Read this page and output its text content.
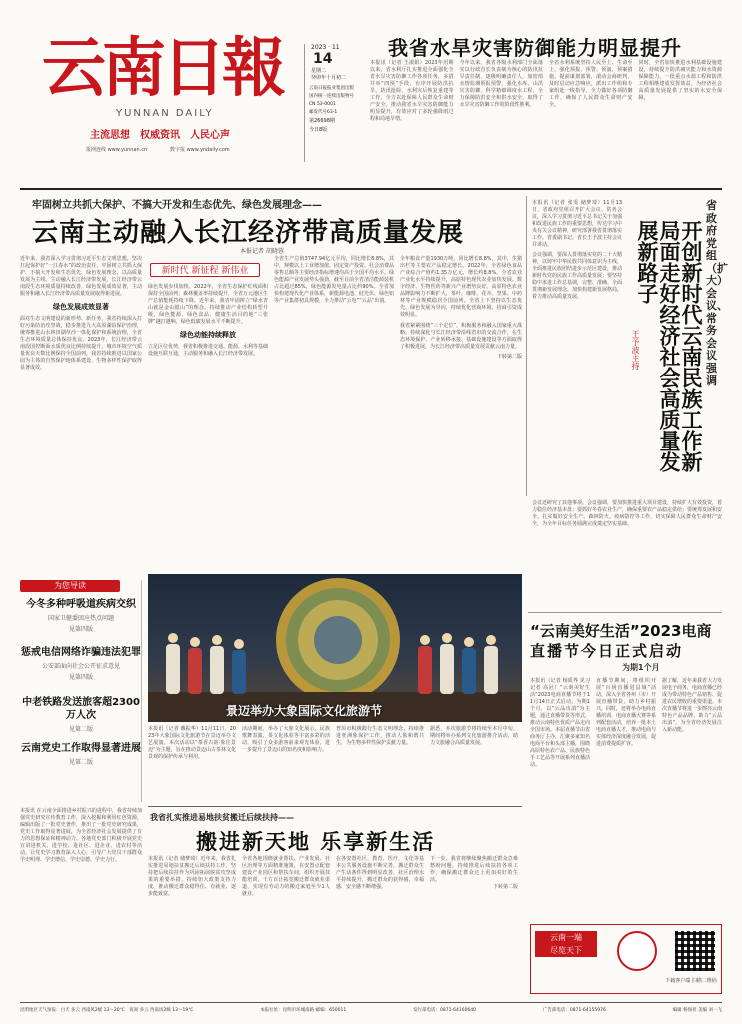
云南日報
YUNNAN DAILY
主流思想 权威资讯 人民心声
报网连线 www.yunnan.cn	数字报 www.yndaily.com
2023 · 11
14
星期二
癸卯年十月初二
云南日报报业集团出版
国内统一连续出版物号
CN 53-0001
邮发代号63-1
第26698期
今日8版
我省水旱灾害防御能力明显提升
本报讯（记者 王淑娟）2023年汛期以来，省水利厅扎实推进全面强化全省水旱灾害防御工作各项任务，多措并举“四预”手段，有序开展防洪抗旱、防汛抢险、水利灾后恢复重建等工作，全力以赴保障人民群众生命财产安全，推动我省水旱灾害防御能力明显提升，有效应对了多轮强降雨过程和局地旱情。
今年以来，我省各级水利部门全面落实以行政首长负责制为核心的防汛抗旱责任制，逐级明确责任人，加密雨水情监测预报预警，强化水库、山洪灾害防御，科学精细调度水工程，全力保障防洪安全和供水安全，取得了水旱灾害防御工作的阶段性胜利。
全省水利系统坚持人民至上、生命至上，强化预报、预警、预演、预案措施，提前谋划部署，滚动会商研判，及时启动应急响应，派出工作组和专家组赴一线指导，全力做好各项防御工作，确保了人民群众生命财产安全。
同时，全省加快推进水利基础设施建设，持续提升防洪减灾能力和水资源保障能力，一批重点水源工程和防洪工程相继建成发挥效益，为经济社会高质量发展提供了坚实的水安全保障。
牢固树立共抓大保护、不搞大开发和生态优先、绿色发展理念——
云南主动融入长江经济带高质量发展
本报记者 胡晓蓉
近年来，我省深入学习贯彻习近平生态文明思想，坚决扛起保护好“一江春水”的政治责任，牢固树立共抓大保护、不搞大开发和生态优先、绿色发展理念，以高质量发展为主线，主动融入长江经济带发展，长江经济带云南段生态环境质量持续改善，绿色发展成效显著，主动服务和融入长江经济带高质量发展取得新进展。
绿色发展成效显著
面对生态文明建设的新形势、新任务，我省持续深入打好污染防治攻坚战，稳步推进九大高原湖泊保护治理，统筹推进山水林田湖草沙一体化保护和系统治理，全省生态环境质量总体保持优良。2023年，长江经济带云南段国控断面水质优良比例持续提升，城市环境空气质量优良天数比例保持全国前列。我省持续推进以国家公园为主体的自然保护地体系建设，生物多样性保护取得显著成效。
新时代 新征程 新伟业
绿色发展步伐加快。2022年，全省生态保护红线面积保持全国前列；森林覆盖率持续提升，全省万元地区生产总值能耗持续下降。近年来，我省牢固树立“绿水青山就是金山银山”的理念，持续推动产业结构转型升级，绿色能源、绿色食品、健康生活目的地“三张牌”越打越响，绿色低碳发展水平不断提升。
绿色动能持续释放
立足区位优势，我省积极推进交通、能源、水利等基础设施互联互通，主动服务和融入长江经济带发展。
全省生产总值3747.94亿元平均，同比增长8.8%，其中，规模以上工业增加值、固定资产投资、社会消费品零售总额等主要经济指标增速均高于全国平均水平。绿色能源产业发展势头强劲，截至目前全省清洁能源装机占比超过85%，绿色能源发电量占比约90%。全省加快构建现代化产业体系，新能源电池、硅光伏、绿色铝等产业集群初具规模，全力推动“云电”“云品”出滇。
全年粮食产量1930万吨，同比增长8.8%，其中，生猪出栏等主要农产品稳定增长。2022年，全省绿色食品产业综合产值约1.35万亿元，增长约8.8%。全省农业产业化水平持续提升，高原特色现代农业加快发展。数字经济、生物医药等新兴产业增势良好。高原特色农业品牌影响力不断扩大，茶叶、咖啡、花卉、坚果、中药材等产业规模稳居全国前列。全省上下坚持以生态优先、绿色发展为导向，持续优化营商环境，招商引资成效明显。
我省紧紧围绕“三个定位”，积极服务和融入国家重大战略，持续深化与长江经济带沿线省市的交流合作，在生态环境保护、产业转移承接、基础设施建设等方面取得了积极进展，为长江经济带高质量发展贡献云南力量。
下转第二版
省政府党组（扩大）会议、常务会议强调
开创新时代云南民族工作新局面走好经济社会高质量发展新路子
王予波主持
本报讯（记者 张雯 储梦琦）11月13日，省政府党组召开扩大会议、常务会议，深入学习贯彻习近平总书记关于加强和改进民族工作的重要思想，传达学习中央有关会议精神，研究部署我省贯彻落实工作。省委副书记、省长王予波主持会议并讲话。
会议强调，要深入贯彻落实党的二十大精神，以铸牢中华民族共同体意识为主线，全面推进民族团结进步示范区建设，推动新时代党的民族工作高质量发展；要坚持稳中求进工作总基调，完整、准确、全面贯彻新发展理念，加快构建新发展格局，着力推动高质量发展。
会议还研究了其他事项。会议强调，要加快推进重大项目建设，持续扩大有效投资，着力稳住经济基本盘；要抓好冬春农业生产，确保重要农产品稳定供给；要统筹发展和安全，扎实做好安全生产、森林防火、疫病防控等工作，切实保障人民群众生命财产安全，为全年目标任务圆满完成奠定坚实基础。
为您导读
今冬多种呼吸道疾病交织
国家卫健委回应热点问题
见第四版
惩戒电信网络诈骗违法犯罪
公安部面向社会公开征求意见
见第四版
中老铁路发送旅客超2300万人次
见第二版
云南党史工作取得显著进展
见第二版
景迈举办大象国际文化旅游节
本报讯（记者 戴振华）11月11日，2023年大象国际文化旅游节在景迈举办文艺展演。本次活动以“茶香古韵·象往景迈”为主题，旨在推动景迈山古茶林文化景观的保护传承与利用。
活动期间，举办了大象文化展示、民族歌舞表演、茶文化体验等丰富多彩的活动，吸引了众多游客前来观光体验，进一步提升了景迈山的知名度和影响力。
普洱市积极践行生态文明理念，持续推进亚洲象保护工作，推动人象和谐共生，为生物多样性保护贡献力量。
据悉，本次旅游节将持续至本月中旬，期间将举办系列文化旅游推介活动，助力文旅融合高质量发展。
“云南美好生活”2023电商
直播节今日正式启动
为期1个月
本报讯（记者 杨质界 见习记者 高冠）“云南美好生活”2023电商直播节将于11月14日正式启动，为期1个月，以“云品出滇”为主题，通过直播带货等形式，推动云南特色优质产品走向全国市场。本届直播节由省商务厅主办，汇聚多家知名电商平台和头部主播，围绕高原特色农产品、民族特色手工艺品等开展系列直播活动。
直播节期间，将组织开展“百场直播进县域”活动，深入全省各州（市）开展直播带货，助力乡村振兴。同时，还将举办电商直播培训、电商直播大赛等系列配套活动，培养一批本土电商直播人才，推动电商与实体经济深度融合发展，促进消费提质扩容。
据了解，近年来我省大力发展电子商务，电商直播已经成为带动特色产品销售、促进农民增收的重要渠道。本次直播节将进一步擦亮云南特色产品品牌，助力“云品出滇”，为全省经济发展注入新动能。
我省扎实推进易地扶贫搬迁后续扶持——
搬进新天地 乐享新生活
本报讯（记者 储梦琦）近年来，我省扎实推进易地扶贫搬迁后续扶持工作，坚持把后续扶持作为巩固拓展脱贫攻坚成果的重要举措，持续加大政策支持力度，推动搬迁群众稳得住、有就业、逐步能致富。
全省各地围绕就业帮扶、产业发展、社区治理等方面精准施策，在安置点配套建设产业园区和帮扶车间，组织开展技能培训，千方百计拓宽搬迁群众就业渠道，实现有劳动力的搬迁家庭至少1人就业。
在各安置社区，教育、医疗、文化等基本公共服务设施不断完善，搬迁群众生产生活条件得到明显改善，社区治理水平持续提升，搬迁群众的获得感、幸福感、安全感不断增强。
下一步，我省将继续聚焦搬迁群众急难愁盼问题，持续推进后续扶持各项工作，确保搬迁群众过上更加美好的生活。
下转第二版
本报讯 在云南全面推进乡村振兴的进程中，我省持续加强党史研究宣传教育工作，深入挖掘和利用红色资源，编辑出版了一批党史著作，推出了一批党史研究成果，党史工作取得显著进展，为全省经济社会发展提供了有力的思想保证和精神动力。各地党史部门积极开展党史宣讲进机关、进学校、进社区、进企业、进农村等活动，让党史学习教育深入人心，引导广大党员干部群众学史明理、学史增信、学史崇德、学史力行。
云南一端
尽览天下
下载客户端 扫描二维码
昆明地区天气预报：白天 多云 西南风2级 13～20℃　夜间 多云 西南风2级 13～19℃	本报社址：昆明市环城南路 邮编：650011	发行部电话：0871-64160640	广告部电话：0871-64155976	编辑 杨保祥 美编 刘一飞
